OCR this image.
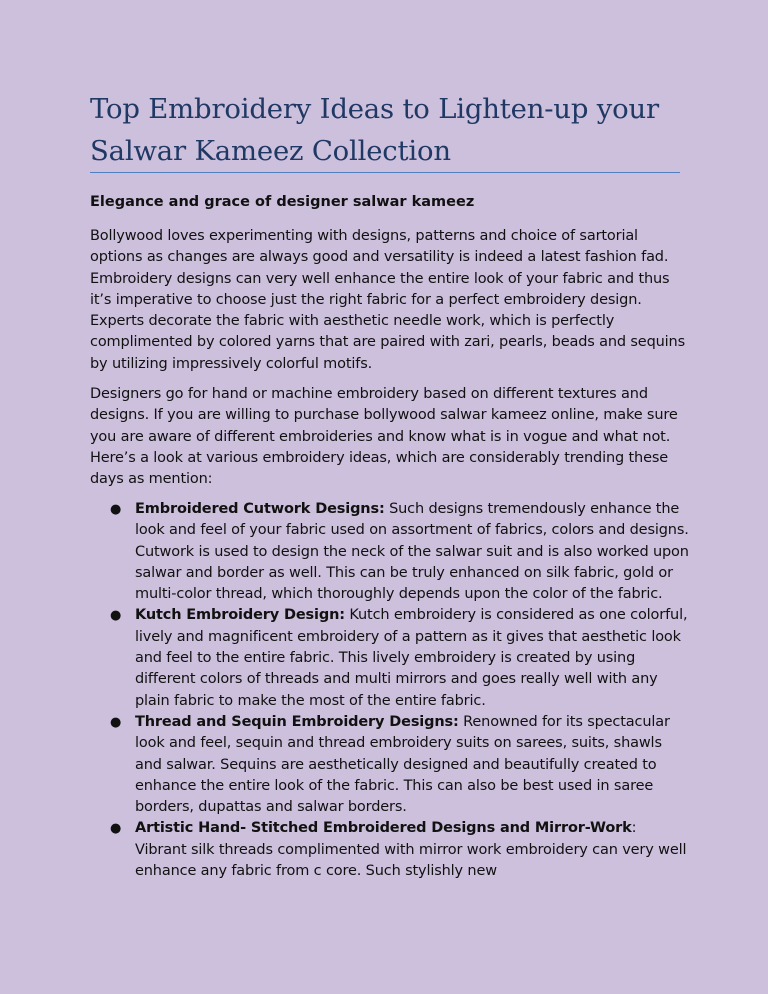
Top Embroidery Ideas to Lighten-up your Salwar Kameez Collection
Elegance and grace of designer salwar kameez

Bollywood loves experimenting with designs, patterns and choice of sartorial options as changes are always good and versatility is indeed a latest fashion fad. Embroidery designs can very well enhance the entire look of your fabric and thus it’s imperative to choose just the right fabric for a perfect embroidery design. Experts decorate the fabric with aesthetic needle work, which is perfectly complimented by colored yarns that are paired with zari, pearls, beads and sequins by utilizing impressively colorful motifs.

Designers go for hand or machine embroidery based on different textures and designs. If you are willing to purchase bollywood salwar kameez online, make sure you are aware of different embroideries and know what is in vogue and what not. Here’s a look at various embroidery ideas, which are considerably trending these days as mention:

● Embroidered Cutwork Designs: Such designs tremendously enhance the look and feel of your fabric used on assortment of fabrics, colors and designs. Cutwork is used to design the neck of the salwar suit and is also worked upon salwar and border as well. This can be truly enhanced on silk fabric, gold or multi-color thread, which thoroughly depends upon the color of the fabric.
● Kutch Embroidery Design: Kutch embroidery is considered as one colorful, lively and magnificent embroidery of a pattern as it gives that aesthetic look and feel to the entire fabric. This lively embroidery is created by using different colors of threads and multi mirrors and goes really well with any plain fabric to make the most of the entire fabric.
● Thread and Sequin Embroidery Designs: Renowned for its spectacular look and feel, sequin and thread embroidery suits on sarees, suits, shawls and salwar. Sequins are aesthetically designed and beautifully created to enhance the entire look of the fabric. This can also be best used in saree borders, dupattas and salwar borders.
● Artistic Hand- Stitched Embroidered Designs and Mirror-Work: Vibrant silk threads complimented with mirror work embroidery can very well enhance any fabric from c core. Such stylishly new
